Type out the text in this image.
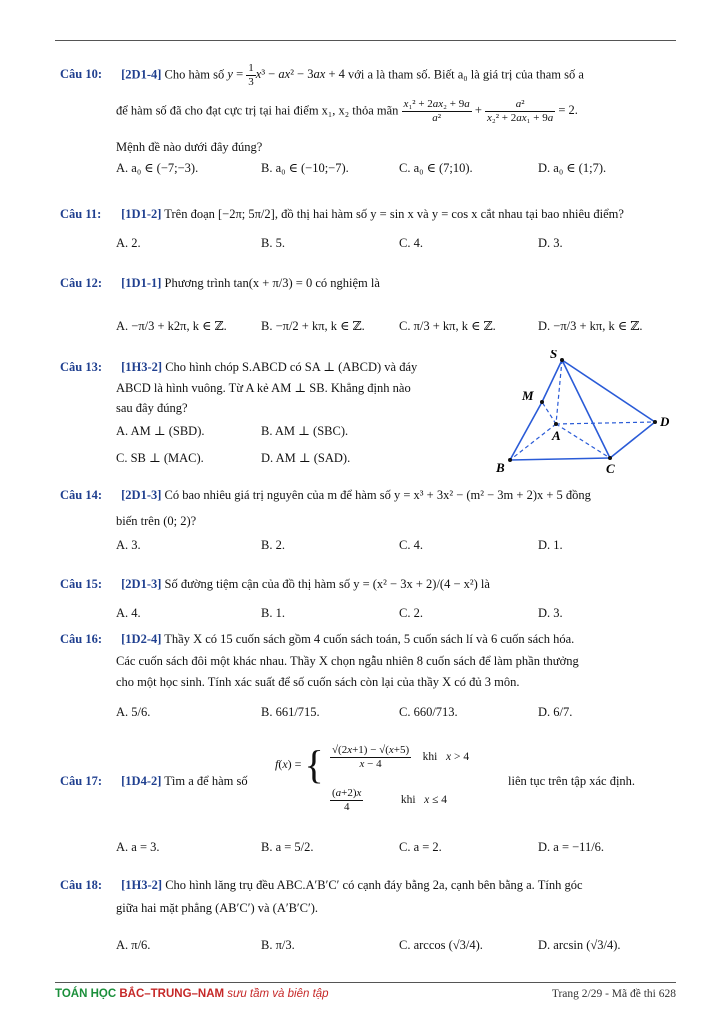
Câu 10: [2D1-4] Cho hàm số $y = \frac{1}{3} x^3 - ax^2 - 3ax + 4$ với a là tham số. Biết a₀ là giá trị của tham số a
để hàm số đã cho đạt cực trị tại hai điểm x₁, x₂ thỏa mãn $\frac{\text{x₁² + 2ax₂ + 9a}}{\text{a²}} + \frac{\text{a²}}{\text{x₂² + 2ax₁ + 9a}} = 2$.
Mệnh đề nào dưới đây đúng?
A. a₀ ∈ (−7;−3).	B. a₀ ∈ (−10;−7).	C. a₀ ∈ (7;10).	D. a₀ ∈ (1;7).
Câu 11: [1D1-2] Trên đoạn [−2π; 5π/2], đồ thị hai hàm số y = sin x và y = cos x cắt nhau tại bao nhiêu điểm?
A. 2.	B. 5.	C. 4.	D. 3.
Câu 12: [1D1-1] Phương trình tan(x + π/3) = 0 có nghiệm là
A. −π/3 + k2π, k ∈ ℤ.	B. −π/2 + kπ, k ∈ ℤ.	C. π/3 + kπ, k ∈ ℤ.	D. −π/3 + kπ, k ∈ ℤ.
Câu 13: [1H3-2] Cho hình chóp S.ABCD có SA ⊥ (ABCD) và đáy
ABCD là hình vuông. Từ A kẻ AM ⊥ SB. Khẳng định nào
sau đây đúng?
A. AM ⊥ (SBD).	B. AM ⊥ (SBC).
C. SB ⊥ (MAC).	D. AM ⊥ (SAD).
S
M
A
B	C
D
Câu 14: [2D1-3] Có bao nhiêu giá trị nguyên của m để hàm số y = x³ + 3x² − (m² − 3m + 2)x + 5 đồng
biến trên (0; 2)?
A. 3.	B. 2.	C. 4.	D. 1.
Câu 15: [2D1-3] Số đường tiệm cận của đồ thị hàm số y = (x² − 3x + 2)/(4 − x²) là
A. 4.	B. 1.	C. 2.	D. 3.
Câu 16: [1D2-4] Thầy X có 15 cuốn sách gồm 4 cuốn sách toán, 5 cuốn sách lí và 6 cuốn sách hóa.
Các cuốn sách đôi một khác nhau. Thầy X chọn ngẫu nhiên 8 cuốn sách để làm phần thưởng
cho một học sinh. Tính xác suất để số cuốn sách còn lại của thầy X có đủ 3 môn.
A. 5/6.	B. 661/715.	C. 660/713.	D. 6/7.
Câu 17: [1D4-2] Tìm a để hàm số
f(x) = { $\frac{√(2x+1) - √(x+5)}{x - 4}$ khi   x > 4
$\frac{(a+2)x}{4}$ khi   x ≤ 4
liên tục trên tập xác định.
A. a = 3.	B. a = 5/2.	C. a = 2.	D. a = −11/6.
Câu 18: [1H3-2] Cho hình lăng trụ đều ABC.A′B′C′ có cạnh đáy bằng 2a, cạnh bên bằng a. Tính góc
giữa hai mặt phẳng (AB′C′) và (A′B′C′).
A. π/6.	B. π/3.	C. arccos (√3/4).	D. arcsin (√3/4).
TOÁN HỌC BẮC–TRUNG–NAM sưu tầm và biên tập	Trang 2/29 - Mã đề thi 628
